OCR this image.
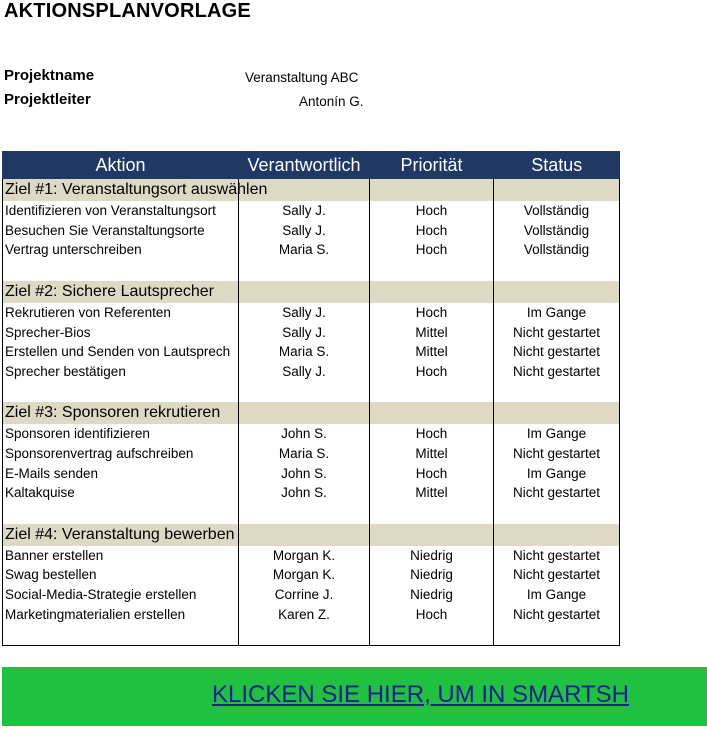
AKTIONSPLANVORLAGE
Projektname	Veranstaltung ABC
Projektleiter	Antonín G.
Aktion	Verantwortlich	Priorität	Status

Ziel #1: Veranstaltungsort auswählen			

Identifizieren von Veranstaltungsort	Sally J.	Hoch	Vollständig
Besuchen Sie Veranstaltungsorte	Sally J.	Hoch	Vollständig
Vertrag unterschreiben	Maria S.	Hoch	Vollständig

Ziel #2: Sichere Lautsprecher			

Rekrutieren von Referenten	Sally J.	Hoch	Im Gange
Sprecher-Bios	Sally J.	Mittel	Nicht gestartet
Erstellen und Senden von Lautsprech	Maria S.	Mittel	Nicht gestartet
Sprecher bestätigen	Sally J.	Hoch	Nicht gestartet

Ziel #3: Sponsoren rekrutieren			

Sponsoren identifizieren	John S.	Hoch	Im Gange
Sponsorenvertrag aufschreiben	Maria S.	Mittel	Nicht gestartet
E-Mails senden	John S.	Hoch	Im Gange
Kaltakquise	John S.	Mittel	Nicht gestartet

Ziel #4: Veranstaltung bewerben			

Banner erstellen	Morgan K.	Niedrig	Nicht gestartet
Swag bestellen	Morgan K.	Niedrig	Nicht gestartet
Social-Media-Strategie erstellen	Corrine J.	Niedrig	Im Gange
Marketingmaterialien erstellen	Karen Z.	Hoch	Nicht gestartet

KLICKEN SIE HIER, UM IN SMARTSH
